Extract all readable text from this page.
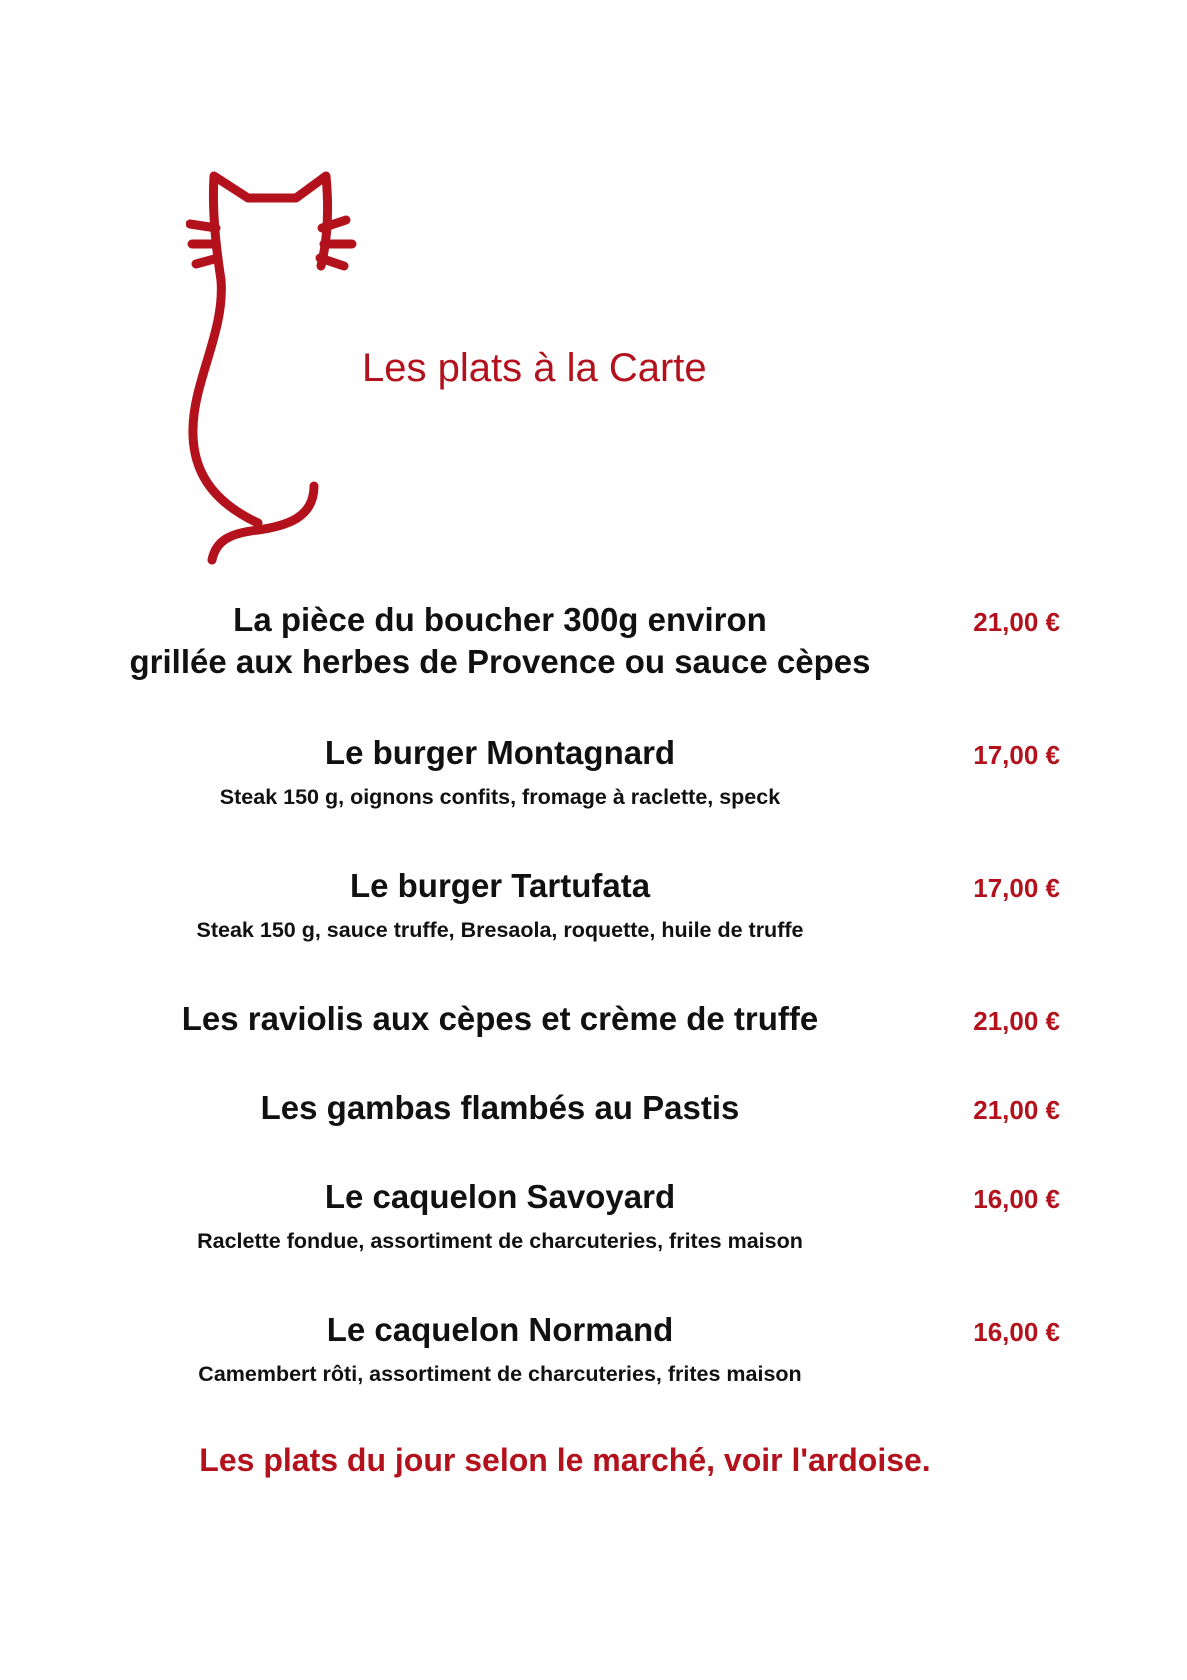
Les plats à la Carte
La pièce du boucher 300g environ
grillée aux herbes de Provence ou sauce cèpes
21,00 €
Le burger Montagnard
Steak 150 g, oignons confits, fromage à raclette, speck
17,00 €
Le burger Tartufata
Steak 150 g, sauce truffe, Bresaola, roquette, huile de truffe
17,00 €
Les raviolis aux cèpes et crème de truffe	21,00 €
Les gambas flambés au Pastis	21,00 €
Le caquelon Savoyard
Raclette fondue, assortiment de charcuteries, frites maison
16,00 €
Le caquelon Normand
Camembert rôti, assortiment de charcuteries, frites maison
16,00 €
Les plats du jour selon le marché, voir l'ardoise.
